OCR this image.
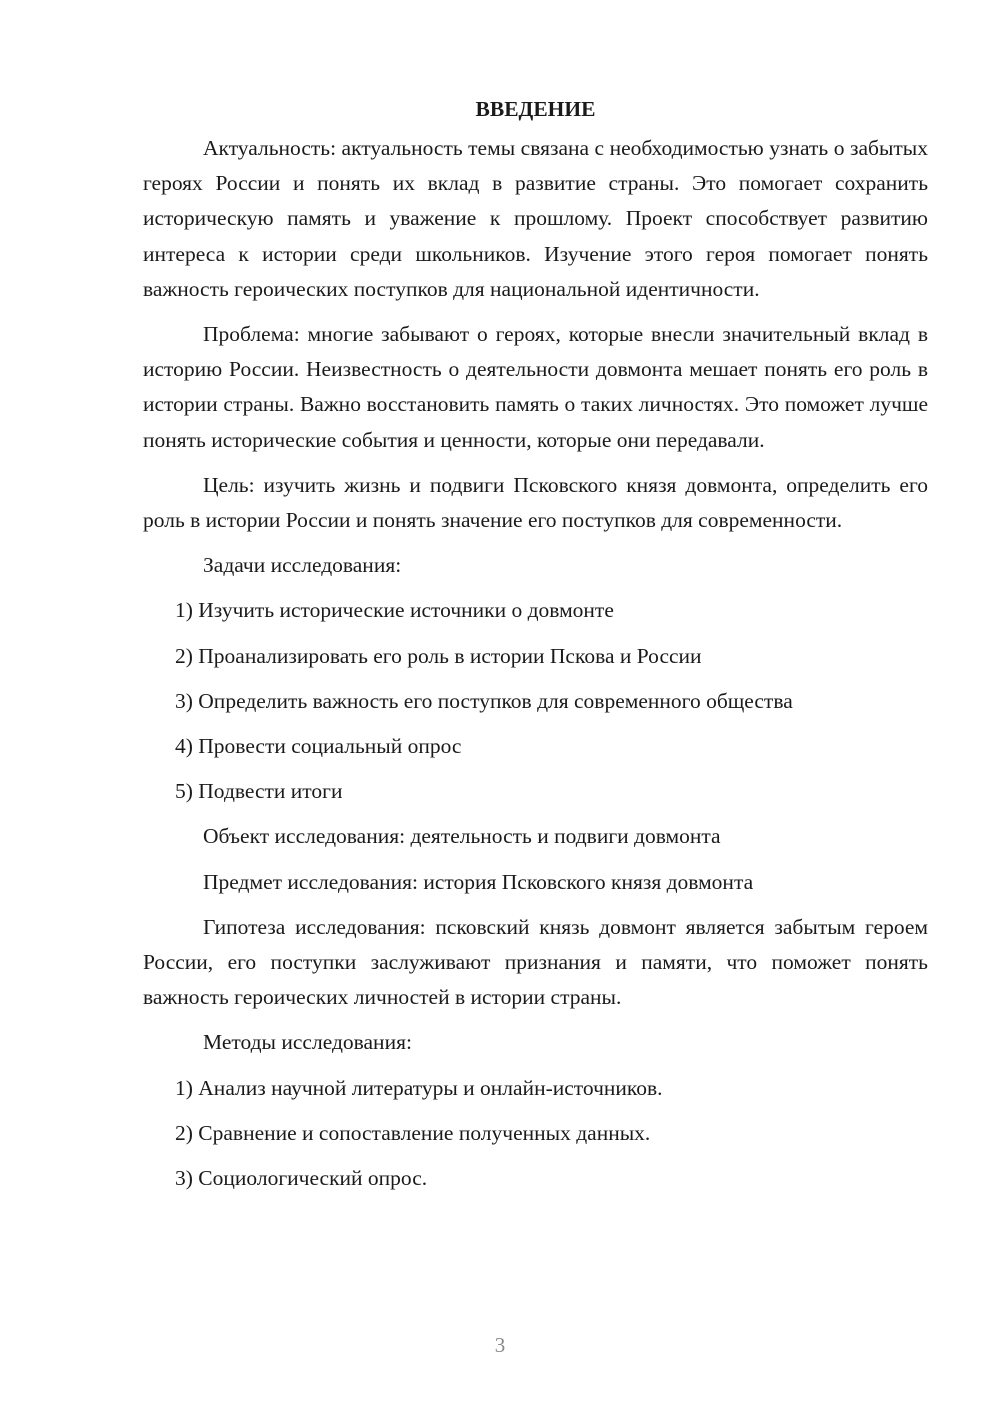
ВВЕДЕНИЕ

Актуальность: актуальность темы связана с необходимостью узнать о забытых героях России и понять их вклад в развитие страны. Это помогает сохранить историческую память и уважение к прошлому. Проект способствует развитию интереса к истории среди школьников. Изучение этого героя помогает понять важность героических поступков для национальной идентичности.

Проблема: многие забывают о героях, которые внесли значительный вклад в историю России. Неизвестность о деятельности довмонта мешает понять его роль в истории страны. Важно восстановить память о таких личностях. Это поможет лучше понять исторические события и ценности, которые они передавали.

Цель: изучить жизнь и подвиги Псковского князя довмонта, определить его роль в истории России и понять значение его поступков для современности.

Задачи исследования:

1) Изучить исторические источники о довмонте

2) Проанализировать его роль в истории Пскова и России

3) Определить важность его поступков для современного общества

4) Провести социальный опрос

5) Подвести итоги

Объект исследования: деятельность и подвиги довмонта

Предмет исследования: история Псковского князя довмонта

Гипотеза исследования: псковский князь довмонт является забытым героем России, его поступки заслуживают признания и памяти, что поможет понять важность героических личностей в истории страны.

Методы исследования:

1) Анализ научной литературы и онлайн-источников.

2) Сравнение и сопоставление полученных данных.

3) Социологический опрос.

3
